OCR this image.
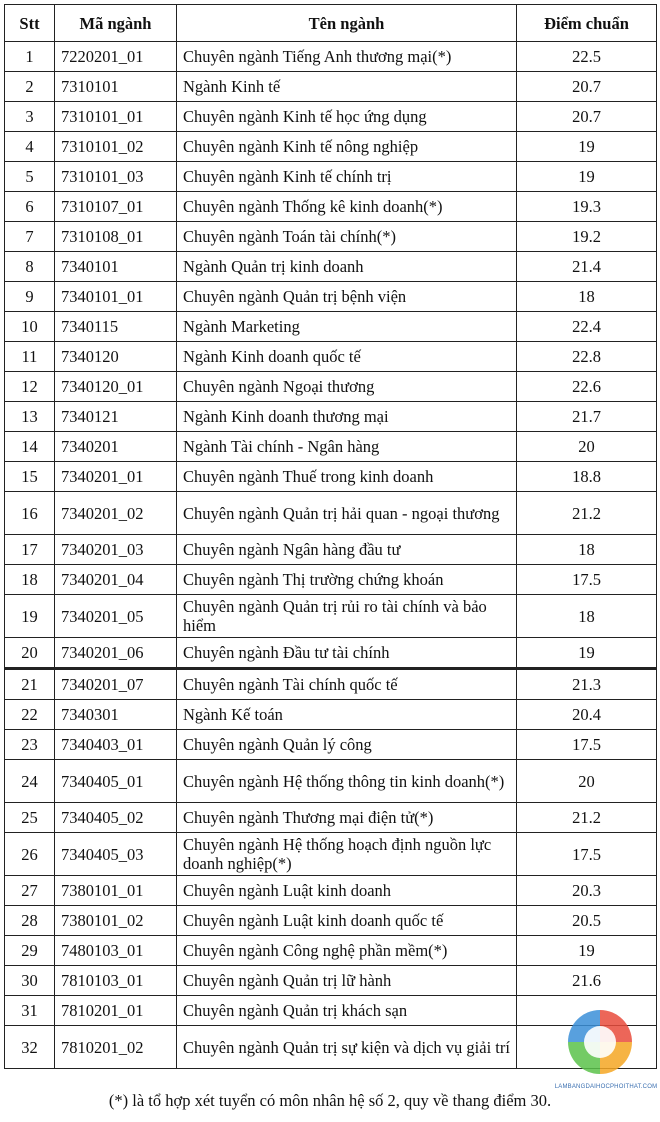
Stt	Mã ngành	Tên ngành	Điểm chuẩn
1	7220201_01	Chuyên ngành Tiếng Anh thương mại(*)	22.5
2	7310101	Ngành Kinh tế	20.7
3	7310101_01	Chuyên ngành Kinh tế học ứng dụng	20.7
4	7310101_02	Chuyên ngành Kinh tế nông nghiệp	19
5	7310101_03	Chuyên ngành Kinh tế chính trị	19
6	7310107_01	Chuyên ngành Thống kê kinh doanh(*)	19.3
7	7310108_01	Chuyên ngành Toán tài chính(*)	19.2
8	7340101	Ngành Quản trị kinh doanh	21.4
9	7340101_01	Chuyên ngành Quản trị bệnh viện	18
10	7340115	Ngành Marketing	22.4
11	7340120	Ngành Kinh doanh quốc tế	22.8
12	7340120_01	Chuyên ngành Ngoại thương	22.6
13	7340121	Ngành Kinh doanh thương mại	21.7
14	7340201	Ngành Tài chính - Ngân hàng	20
15	7340201_01	Chuyên ngành Thuế trong kinh doanh	18.8
16	7340201_02	Chuyên ngành Quản trị hải quan - ngoại thương	21.2
17	7340201_03	Chuyên ngành Ngân hàng đầu tư	18
18	7340201_04	Chuyên ngành Thị trường chứng khoán	17.5
19	7340201_05	Chuyên ngành Quản trị rủi ro tài chính và bảo hiểm	18
20	7340201_06	Chuyên ngành Đầu tư tài chính	19
21	7340201_07	Chuyên ngành Tài chính quốc tế	21.3
22	7340301	Ngành Kế toán	20.4
23	7340403_01	Chuyên ngành Quản lý công	17.5
24	7340405_01	Chuyên ngành Hệ thống thông tin kinh doanh(*)	20
25	7340405_02	Chuyên ngành Thương mại điện tử(*)	21.2
26	7340405_03	Chuyên ngành Hệ thống hoạch định nguồn lực doanh nghiệp(*)	17.5
27	7380101_01	Chuyên ngành Luật kinh doanh	20.3
28	7380101_02	Chuyên ngành Luật kinh doanh quốc tế	20.5
29	7480103_01	Chuyên ngành Công nghệ phần mềm(*)	19
30	7810103_01	Chuyên ngành Quản trị lữ hành	21.6
31	7810201_01	Chuyên ngành Quản trị khách sạn	
32	7810201_02	Chuyên ngành Quản trị sự kiện và dịch vụ giải trí	
(*) là tổ hợp xét tuyển có môn nhân hệ số 2, quy về thang điểm 30.
LAMBANGDAIHOCPHOITHAT.COM
